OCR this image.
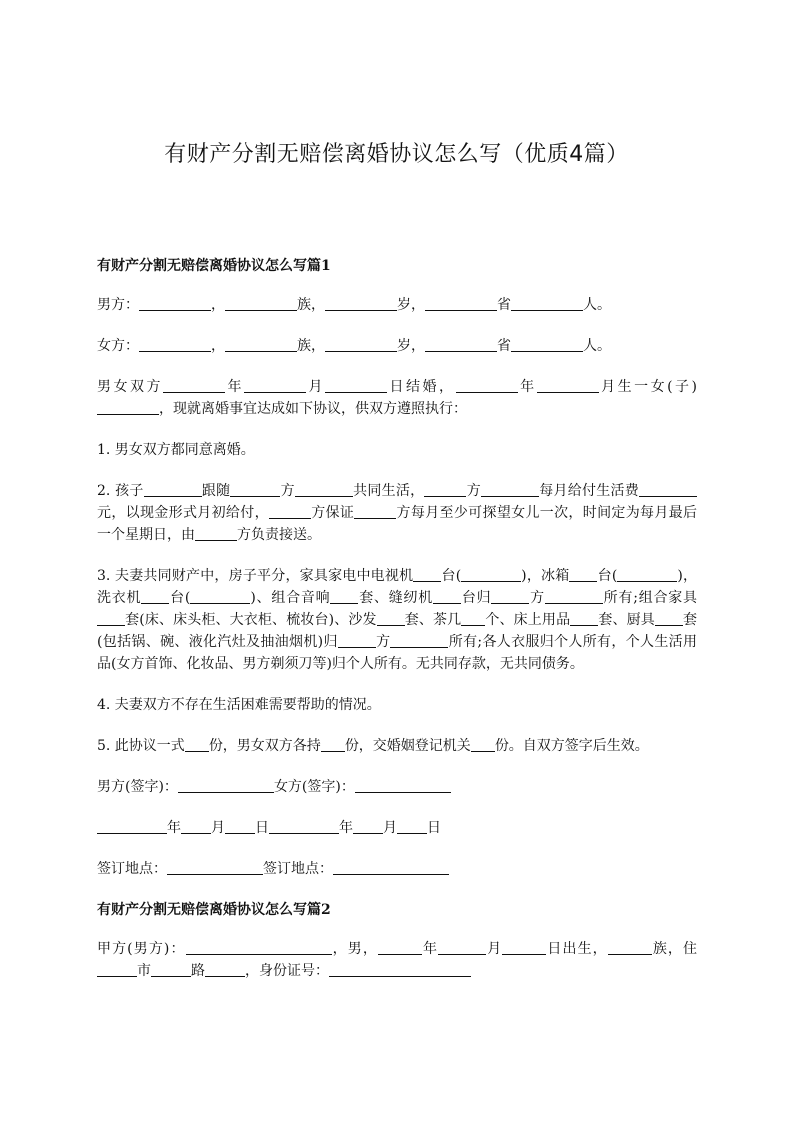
有财产分割无赔偿离婚协议怎么写（优质4篇）
有财产分割无赔偿离婚协议怎么写篇1

男方：	，	族，	岁，	省	人。

女方：	，	族，	岁，	省	人。

男女双方	年	月	日结婚，	年	月生一女(子)，现就离婚事宜达成如下协议，供双方遵照执行：

1. 男女双方都同意离婚。

2. 孩子	跟随	方	共同生活，	方	每月给付生活费元，以现金形式月初给付，	方保证	方每月至少可探望女儿一次，时间定为每月最后一个星期日，由	方负责接送。

3. 夫妻共同财产中，房子平分，家具家电中电视机 台(	)，冰箱 台(	)，洗衣机 台(	)、组合音响 套、缝纫机 台归	方	所有;组合家具套(床、床头柜、大衣柜、梳妆台)、沙发 套、茶几 个、床上用品 套、厨具 套(包括锅、碗、液化汽灶及抽油烟机)归	方	所有;各人衣服归个人所有，个人生活用品(女方首饰、化妆品、男方剃须刀等)归个人所有。无共同存款，无共同债务。

4. 夫妻双方不存在生活困难需要帮助的情况。

5. 此协议一式 份，男女双方各持 份，交婚姻登记机关 份。自双方签字后生效。

男方(签字)：	女方(签字)：

年 月 日	年 月 日

签订地点：	签订地点：

有财产分割无赔偿离婚协议怎么写篇2

甲方(男方)：	，男，	年	月	日出生，	族，住市	路	，身份证号：
